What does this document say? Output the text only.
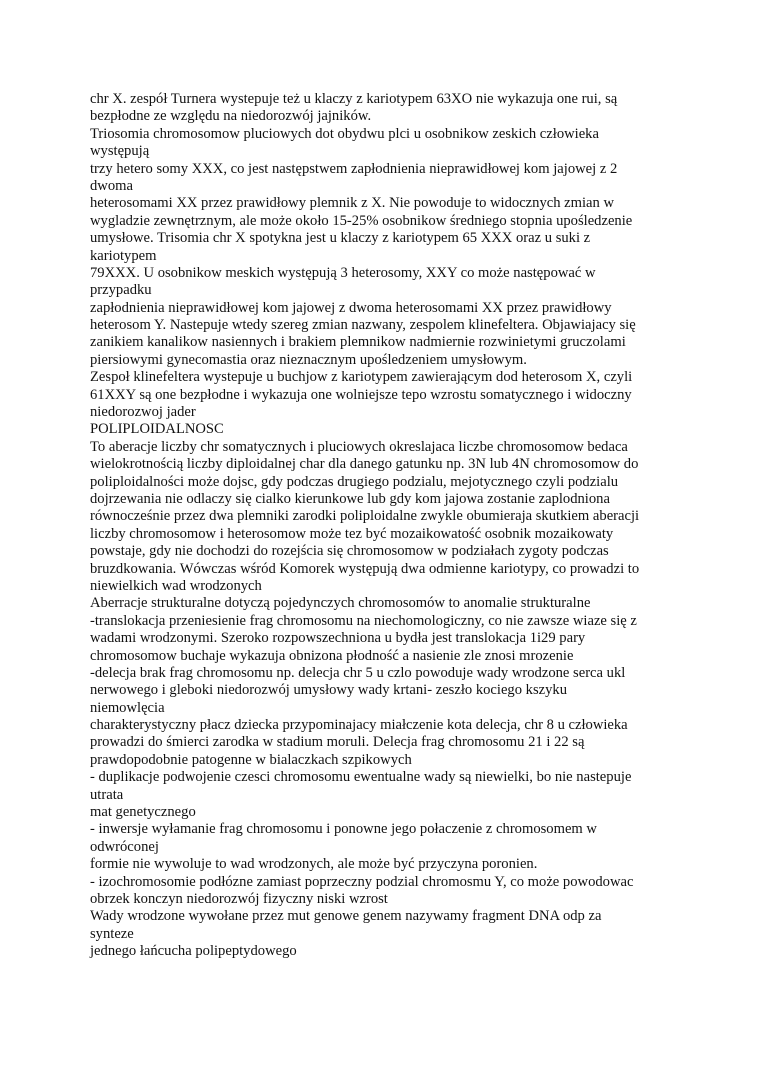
chr X. zespół Turnera wystepuje też u klaczy z kariotypem 63XO nie wykazuja one rui, są
bezpłodne ze względu na niedorozwój jajników.
Triosomia chromosomow pluciowych dot obydwu plci u osobnikow zeskich człowieka
występują
trzy hetero somy XXX, co jest następstwem zapłodnienia nieprawidłowej kom jajowej z 2
dwoma
heterosomami XX przez prawidłowy plemnik z X. Nie powoduje to widocznych zmian w
wygladzie zewnętrznym, ale może około 15-25% osobnikow średniego stopnia upośledzenie
umysłowe. Trisomia chr X spotykna jest u klaczy z kariotypem 65 XXX oraz u suki z
kariotypem
79XXX. U osobnikow meskich występują 3 heterosomy, XXY co może następować w
przypadku
zapłodnienia nieprawidłowej kom jajowej z dwoma heterosomami XX przez prawidłowy
heterosom Y. Nastepuje wtedy szereg zmian nazwany, zespolem klinefeltera. Objawiajacy się
zanikiem kanalikow nasiennych i brakiem plemnikow nadmiernie rozwinietymi gruczolami
piersiowymi gynecomastia oraz nieznacznym upośledzeniem umysłowym.
Zespoł klinefeltera wystepuje u buchjow z kariotypem zawierającym dod heterosom X, czyli
61XXY są one bezpłodne i wykazuja one wolniejsze tepo wzrostu somatycznego i widoczny
niedorozwoj jader
POLIPLOIDALNOSC
To aberacje liczby chr somatycznych i pluciowych okreslajaca liczbe chromosomow bedaca
wielokrotnością liczby diploidalnej char dla danego gatunku np. 3N lub 4N chromosomow do
poliploidalności może dojsc, gdy podczas drugiego podzialu, mejotycznego czyli podzialu
dojrzewania nie odlaczy się cialko kierunkowe lub gdy kom jajowa zostanie zaplodniona
równocześnie przez dwa plemniki zarodki poliploidalne zwykle obumieraja skutkiem aberacji
liczby chromosomow i heterosomow może tez być mozaikowatość osobnik mozaikowaty
powstaje, gdy nie dochodzi do rozejścia się chromosomow w podziałach zygoty podczas
bruzdkowania. Wówczas wśród Komorek występują dwa odmienne kariotypy, co prowadzi to
niewielkich wad wrodzonych
Aberracje strukturalne dotyczą pojedynczych chromosomów to anomalie strukturalne
-translokacja przeniesienie frag chromosomu na niechomologiczny, co nie zawsze wiaze się z
wadami wrodzonymi. Szeroko rozpowszechniona u bydła jest translokacja 1i29 pary
chromosomow buchaje wykazuja obnizona płodność a nasienie zle znosi mrozenie
-delecja brak frag chromosomu np. delecja chr 5 u czlo powoduje wady wrodzone serca ukl
nerwowego i gleboki niedorozwój umysłowy wady krtani- zeszło kociego kszyku
niemowlęcia
charakterystyczny płacz dziecka przypominajacy miałczenie kota delecja, chr 8 u człowieka
prowadzi do śmierci zarodka w stadium moruli. Delecja frag chromosomu 21 i 22 są
prawdopodobnie patogenne w bialaczkach szpikowych
- duplikacje podwojenie czesci chromosomu ewentualne wady są niewielki, bo nie nastepuje
utrata
mat genetycznego
- inwersje wyłamanie frag chromosomu i ponowne jego połaczenie z chromosomem w
odwróconej
formie nie wywoluje to wad wrodzonych, ale może być przyczyna poronien.
- izochromosomie podłózne zamiast poprzeczny podzial chromosmu Y, co może powodowac
obrzek konczyn niedorozwój fizyczny niski wzrost
Wady wrodzone wywołane przez mut genowe genem nazywamy fragment DNA odp za
synteze
jednego łańcucha polipeptydowego
